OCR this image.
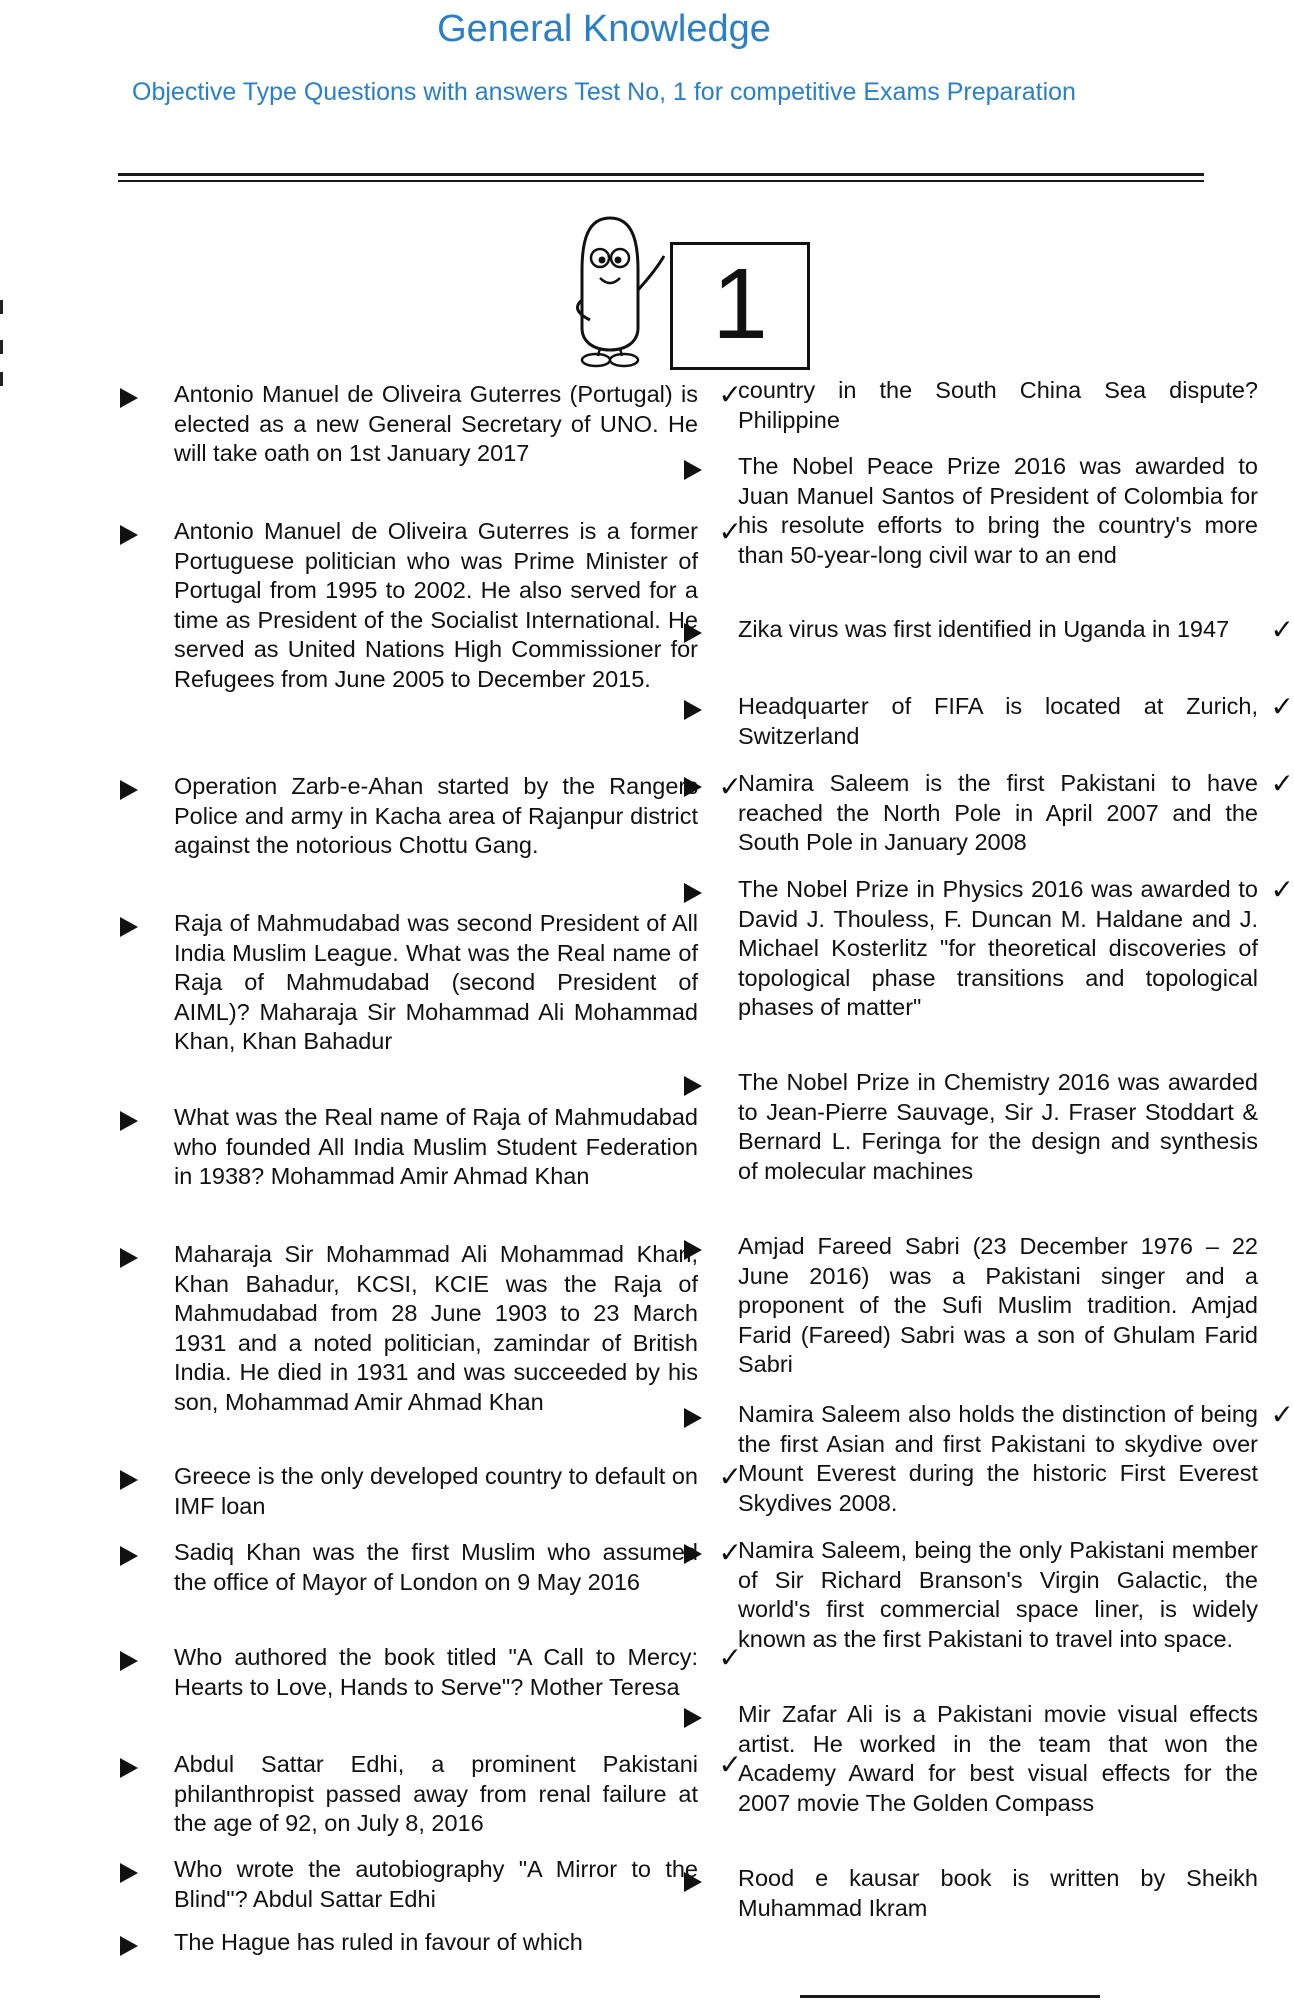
General Knowledge
Objective Type Questions with answers Test No, 1 for competitive Exams Preparation
1
Antonio Manuel de Oliveira Guterres (Portugal) is elected as a new General Secretary of UNO. He will take oath on 1st January 2017
✓
Antonio Manuel de Oliveira Guterres is a former Portuguese politician who was Prime Minister of Portugal from 1995 to 2002. He also served for a time as President of the Socialist International. He served as United Nations High Commissioner for Refugees from June 2005 to December 2015.
✓
Operation Zarb-e-Ahan started by the Rangers Police and army in Kacha area of Rajanpur district against the notorious Chottu Gang.
✓
Raja of Mahmudabad was second President of All India Muslim League. What was the Real name of Raja of Mahmudabad (second President of AIML)? Maharaja Sir Mohammad Ali Mohammad Khan, Khan Bahadur
What was the Real name of Raja of Mahmudabad who founded All India Muslim Student Federation in 1938? Mohammad Amir Ahmad Khan
Maharaja Sir Mohammad Ali Mohammad Khan, Khan Bahadur, KCSI, KCIE was the Raja of Mahmudabad from 28 June 1903 to 23 March 1931 and a noted politician, zamindar of British India. He died in 1931 and was succeeded by his son, Mohammad Amir Ahmad Khan
Greece is the only developed country to default on IMF loan
✓
Sadiq Khan was the first Muslim who assumed the office of Mayor of London on 9 May 2016
✓
Who authored the book titled "A Call to Mercy: Hearts to Love, Hands to Serve"? Mother Teresa
✓
Abdul Sattar Edhi, a prominent Pakistani philanthropist passed away from renal failure at the age of 92, on July 8, 2016
✓
Who wrote the autobiography "A Mirror to the Blind"? Abdul Sattar Edhi
The Hague has ruled in favour of which
country in the South China Sea dispute? Philippine
The Nobel Peace Prize 2016 was awarded to Juan Manuel Santos of President of Colombia for his resolute efforts to bring the country's more than 50-year-long civil war to an end
Zika virus was first identified in Uganda in 1947	✓
Headquarter of FIFA is located at Zurich, Switzerland
✓
Namira Saleem is the first Pakistani to have reached the North Pole in April 2007 and the South Pole in January 2008
✓
The Nobel Prize in Physics 2016 was awarded to David J. Thouless, F. Duncan M. Haldane and J. Michael Kosterlitz "for theoretical discoveries of topological phase transitions and topological phases of matter"
✓
The Nobel Prize in Chemistry 2016 was awarded to Jean-Pierre Sauvage, Sir J. Fraser Stoddart & Bernard L. Feringa for the design and synthesis of molecular machines
Amjad Fareed Sabri (23 December 1976 – 22 June 2016) was a Pakistani singer and a proponent of the Sufi Muslim tradition. Amjad Farid (Fareed) Sabri was a son of Ghulam Farid Sabri
Namira Saleem also holds the distinction of being the first Asian and first Pakistani to skydive over Mount Everest during the historic First Everest Skydives 2008.
✓
Namira Saleem, being the only Pakistani member of Sir Richard Branson's Virgin Galactic, the world's first commercial space liner, is widely known as the first Pakistani to travel into space.
Mir Zafar Ali is a Pakistani movie visual effects artist. He worked in the team that won the Academy Award for best visual effects for the 2007 movie The Golden Compass
Rood e kausar book is written by Sheikh Muhammad Ikram
